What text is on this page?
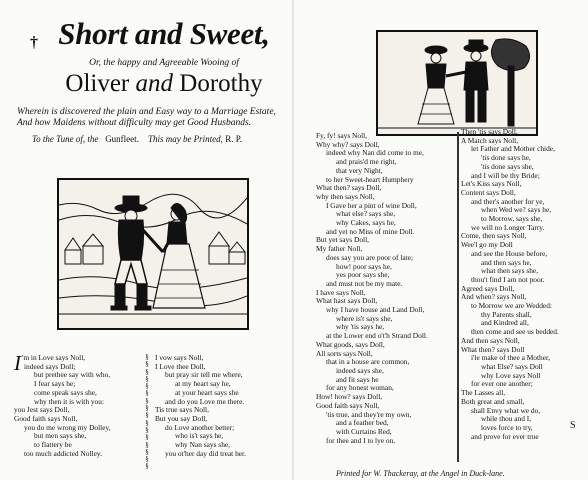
† Short and Sweet,
Or, the happy and Agreeable Wooing of
Oliver and Dorothy
Wherein is discovered the plain and Easy way to a Marriage Estate,
And how Maidens without difficulty may get Good Husbands.
To the Tune of, the Gunfleet. This may be Printed, R. P.
I 'm in Love says Noll,
indeed says Doll;
but prethee say with who,
I fear says he;
come speak says she,
why then it is with you:
you Jest says Doll,
Good faith says Noll,
you do me wrong my Dolley,
but men says she,
to flattery be
too much addicted Nolley.
§
§
§
§
§
§
§
§
§
§
§
§
§
§
§
§
I vow says Noll,
I Love thee Doll,
but pray sir tell me where,
at my heart say he,
at your heart says she
and do you Love me there.
Tis true says Noll,
But you say Doll,
do Love another better;
who is't says he,
why Nan says she,
you ot'her day did treat her.
Fy, fy! says Noll,
Why why? says Doll,
indeed why Nan did come to me,
and prais'd me right,
that very Night,
to her Sweet-heart Humphery
What then? says Doll,
why then says Noll,
I Gave her a pint of wine Doll,
what else? says she,
why Cakes, says he,
and yet no Miss of mine Doll.
But yet says Doll,
My father Noll,
does say you are poor of late;
how! poor says he,
yes poor says she,
and must not be my mate.
I have says Noll,
What hast says Doll,
why I have house and Land Doll,
where is't says she,
why 'tis says he,
at the Lower end o't'h Strand Doll.
What goods, says Doll,
All sorts says Noll,
that in a house are common,
indeed says she,
and fit says he
for any honest woman,
How! how? says Doll,
Good faith says Noll,
'tis true, and they're my own,
and a feather bed,
with Curtains Red,
for thee and I to lye on.
Then 'tis says Doll,
A Match says Noll,
let Father and Mother chide,
'tis done says he,
'tis done says she,
and I will be thy Bride;
Let's Kiss says Noll,
Content says Doll,
and ther's another for ye,
when Wed we? says he,
to Morrow, says she,
we will no Longer Tarry.
Come, then says Noll,
Wee'l go my Doll
and see the House before,
and then says he,
what then says she,
thou't find I am not poor.
Agreed says Doll,
And when? says Noll,
to Morrow we are Wedded:
thy Parents shall,
and Kindred all,
then come and see us bedded.
And then says Noll,
What then? says Doll
i'le make of thee a Mother,
what Else? says Doll
why Love says Noll
for ever one another;
The Lasses all,
Both great and small,
shall Envy what we do,
while thou and I,
loves force to try,
and prove for ever true
Printed for W. Thackeray, at the Angel in Duck-lane.
S
